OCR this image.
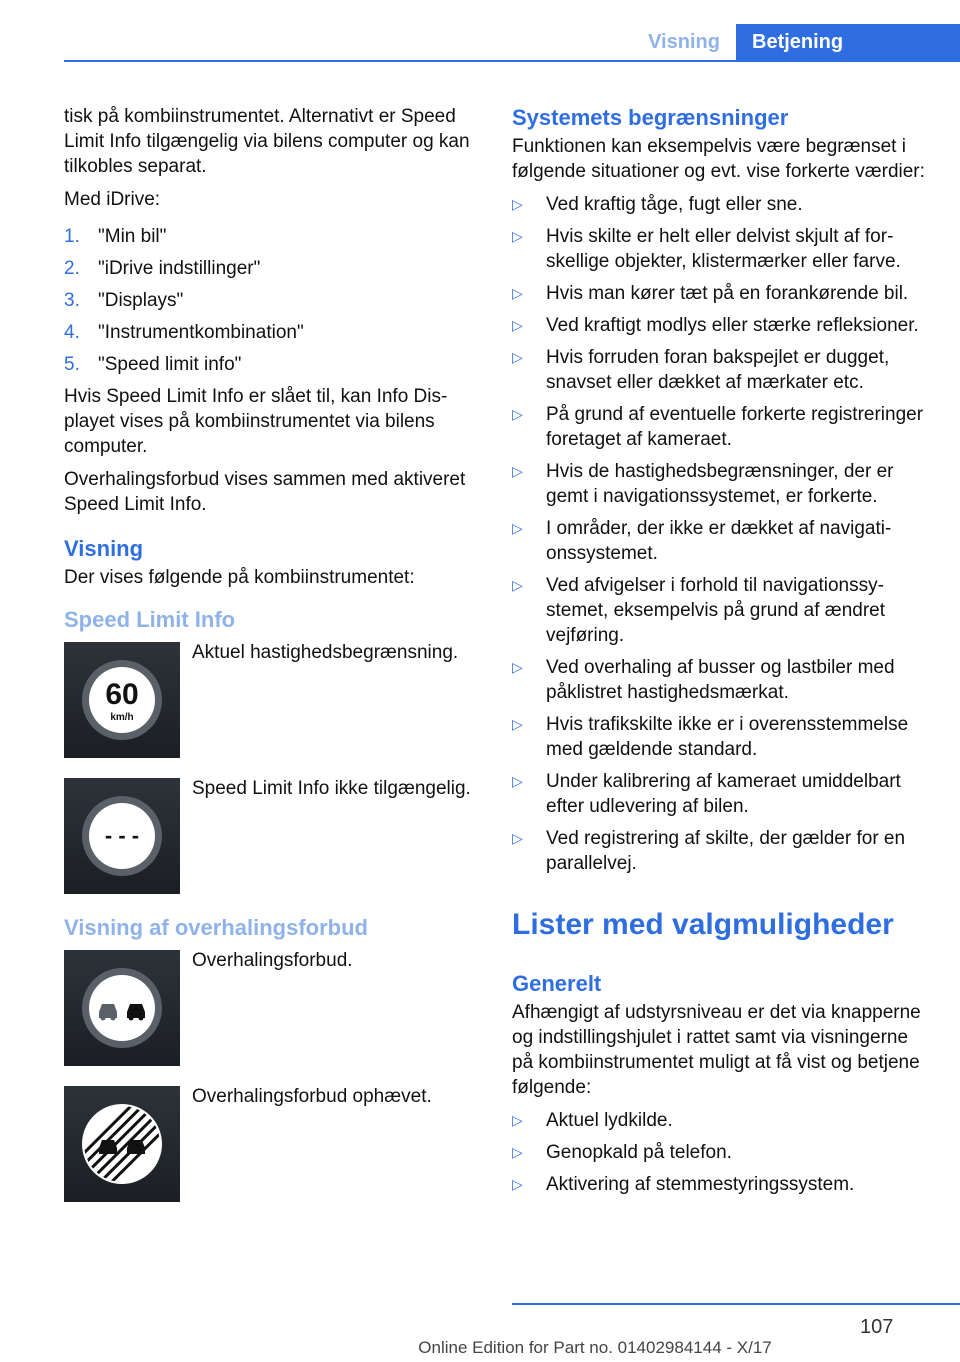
Visning	Betjening

tisk på kombiinstrumentet. Alternativt er Speed Limit Info tilgængelig via bilens computer og kan tilkobles separat.

Med iDrive:

1. "Min bil"
2. "iDrive indstillinger"
3. "Displays"
4. "Instrumentkombination"
5. "Speed limit info"

Hvis Speed Limit Info er slået til, kan Info Displayet vises på kombiinstrumentet via bilens computer.

Overhalingsforbud vises sammen med aktiveret Speed Limit Info.

Visning

Der vises følgende på kombiinstrumentet:

Speed Limit Info
60
km/h
Aktuel hastighedsbegrænsning.
- - -
Speed Limit Info ikke tilgængelig.
Visning af overhalingsforbud
Overhalingsforbud.
Overhalingsforbud ophævet.
Systemets begrænsninger

Funktionen kan eksempelvis være begrænset i følgende situationer og evt. vise forkerte værdier:

▷	Ved kraftig tåge, fugt eller sne.
▷	Hvis skilte er helt eller delvist skjult af forskellige objekter, klistermærker eller farve.
▷	Hvis man kører tæt på en forankørende bil.
▷	Ved kraftigt modlys eller stærke refleksioner.
▷	Hvis forruden foran bakspejlet er dugget, snavset eller dækket af mærkater etc.
▷	På grund af eventuelle forkerte registreringer foretaget af kameraet.
▷	Hvis de hastighedsbegrænsninger, der er gemt i navigationssystemet, er forkerte.
▷	I områder, der ikke er dækket af navigationssystemet.
▷	Ved afvigelser i forhold til navigationssystemet, eksempelvis på grund af ændret vejføring.
▷	Ved overhaling af busser og lastbiler med påklistret hastighedsmærkat.
▷	Hvis trafikskilte ikke er i overensstemmelse med gældende standard.
▷	Under kalibrering af kameraet umiddelbart efter udlevering af bilen.
▷	Ved registrering af skilte, der gælder for en parallelvej.
Lister med valgmuligheder
Generelt

Afhængigt af udstyrsniveau er det via knapperne og indstillingshjulet i rattet samt via visningerne på kombiinstrumentet muligt at få vist og betjene følgende:

▷	Aktuel lydkilde.
▷	Genopkald på telefon.
▷	Aktivering af stemmestyringssystem.
107
Online Edition for Part no. 01402984144 - X/17
